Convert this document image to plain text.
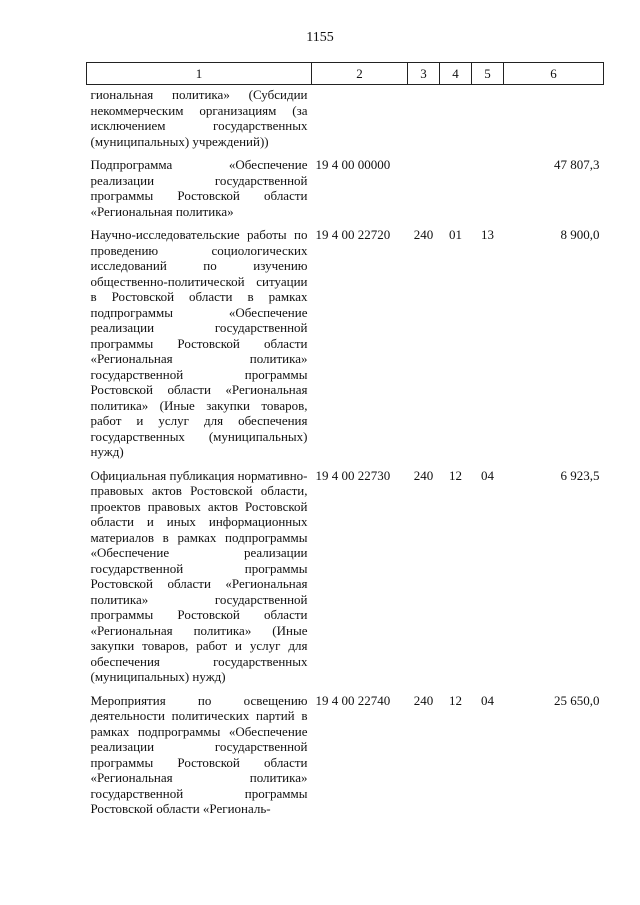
1155
1	2	3	4	5	6
гиональная политика» (Субсидии некоммерческим организациям (за исключением государственных (муниципальных) учреждений))					
Подпрограмма «Обеспечение реализации государственной программы Ростовской области «Региональная политика»	19 4 00 00000				47 807,3
Научно-исследовательские работы по проведению социологических исследований по изучению общественно-политической ситуации в Ростовской области в рамках подпрограммы «Обеспечение реализации государственной программы Ростовской области «Региональная политика» государственной программы Ростовской области «Региональная политика» (Иные закупки товаров, работ и услуг для обеспечения государственных (муниципальных) нужд)	19 4 00 22720	240	01	13	8 900,0
Официальная публикация нормативно-правовых актов Ростовской области, проектов правовых актов Ростовской области и иных информационных материалов в рамках подпрограммы «Обеспечение реализации государственной программы Ростовской области «Региональная политика» государственной программы Ростовской области «Региональная политика» (Иные закупки товаров, работ и услуг для обеспечения государственных (муниципальных) нужд)	19 4 00 22730	240	12	04	6 923,5
Мероприятия по освещению деятельности политических партий в рамках подпрограммы «Обеспечение реализации государственной программы Ростовской области «Региональная политика» государственной программы Ростовской области «Региональ-	19 4 00 22740	240	12	04	25 650,0
